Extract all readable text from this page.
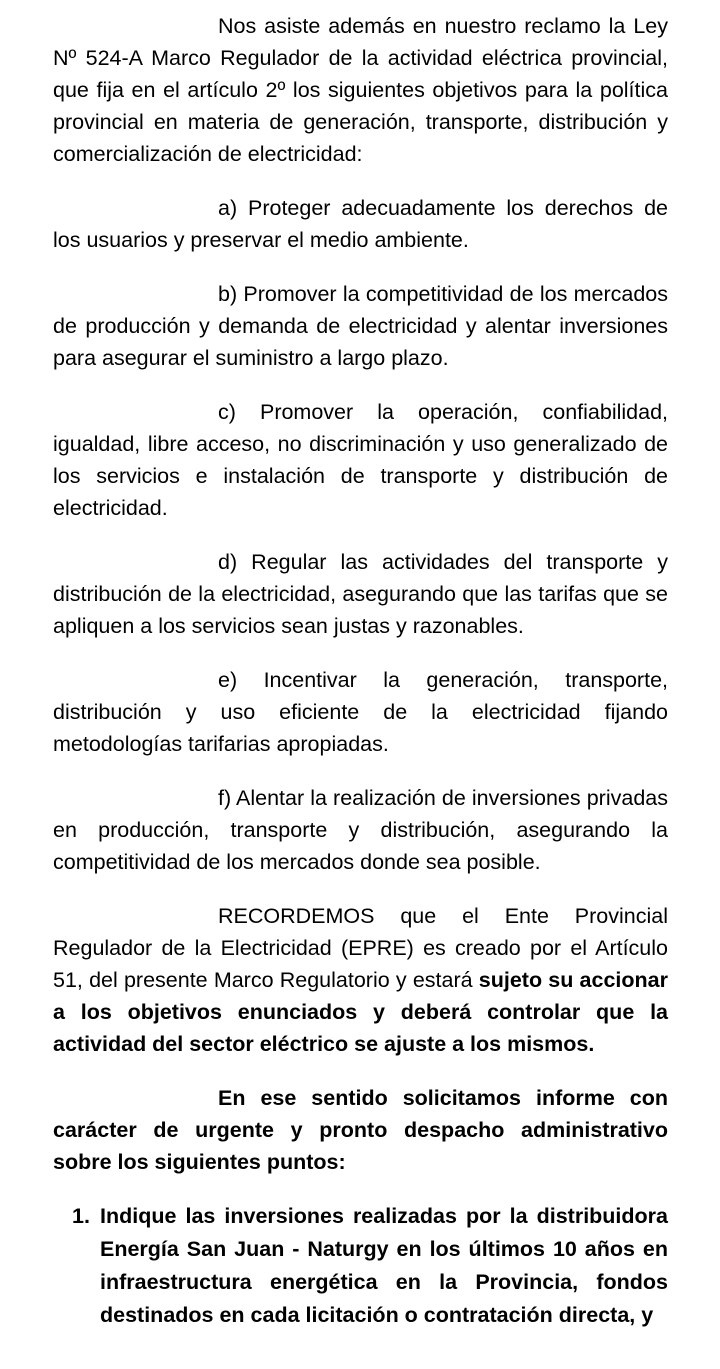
Nos asiste además en nuestro reclamo la Ley Nº 524-A Marco Regulador de la actividad eléctrica provincial, que fija en el artículo 2º los siguientes objetivos para la política provincial en materia de generación, transporte, distribución y comercialización de electricidad:

a) Proteger adecuadamente los derechos de los usuarios y preservar el medio ambiente.

b) Promover la competitividad de los mercados de producción y demanda de electricidad y alentar inversiones para asegurar el suministro a largo plazo.

c) Promover la operación, confiabilidad, igualdad, libre acceso, no discriminación y uso generalizado de los servicios e instalación de transporte y distribución de electricidad.

d) Regular las actividades del transporte y distribución de la electricidad, asegurando que las tarifas que se apliquen a los servicios sean justas y razonables.

e) Incentivar la generación, transporte, distribución y uso eficiente de la electricidad fijando metodologías tarifarias apropiadas.

f) Alentar la realización de inversiones privadas en producción, transporte y distribución, asegurando la competitividad de los mercados donde sea posible.

RECORDEMOS que el Ente Provincial Regulador de la Electricidad (EPRE) es creado por el Artículo 51, del presente Marco Regulatorio y estará sujeto su accionar a los objetivos enunciados y deberá controlar que la actividad del sector eléctrico se ajuste a los mismos.

En ese sentido solicitamos informe con carácter de urgente y pronto despacho administrativo sobre los siguientes puntos:

1. Indique las inversiones realizadas por la distribuidora Energía San Juan - Naturgy en los últimos 10 años en infraestructura energética en la Provincia, fondos destinados en cada licitación o contratación directa, y
